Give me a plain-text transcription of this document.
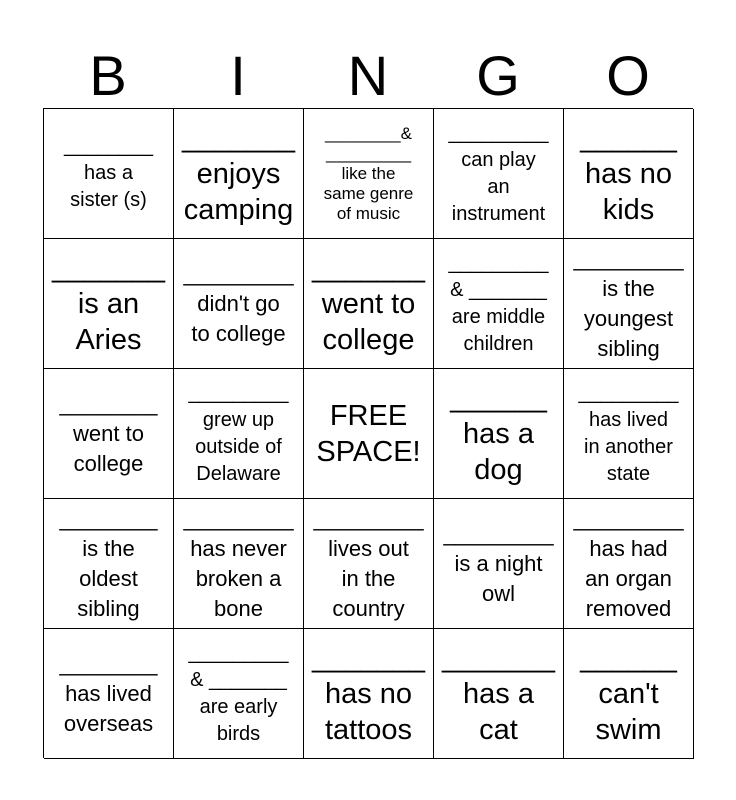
B	I	N	G	O
________
has a
sister (s)
_______
enjoys
camping
________&
_________
like the
same genre
of music
_________
can play
an
instrument
______
has no
kids
_______
is an
Aries
_________
didn't go
to college
_______
went to
college
_________
& _______
are middle
children
_________
is the
youngest
sibling
________
went to
college
_________
grew up
outside of
Delaware
FREE
SPACE!
______
has a
dog
_________
has lived
in another
state
________
is the
oldest
sibling
_________
has never
broken a
bone
_________
lives out
in the
country
_________
is a night
owl
_________
has had
an organ
removed
________
has lived
overseas
_________
& _______
are early
birds
_______
has no
tattoos
_______
has a
cat
______
can't
swim
